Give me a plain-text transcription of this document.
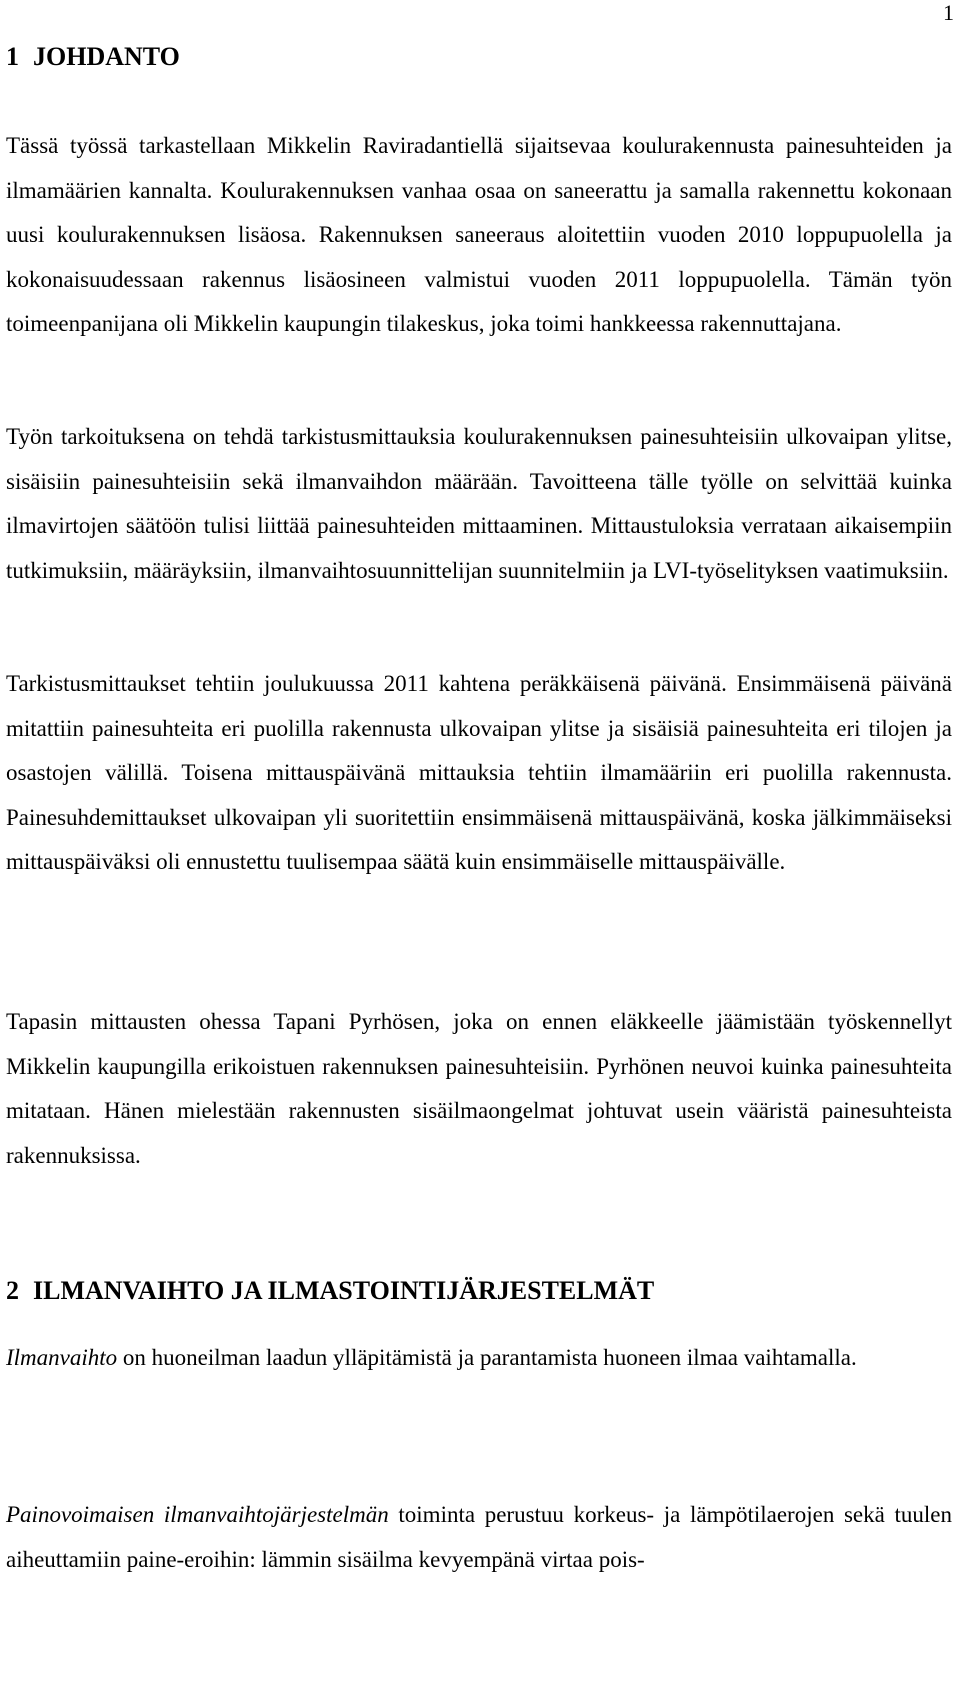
1
1 JOHDANTO

Tässä työssä tarkastellaan Mikkelin Raviradantiellä sijaitsevaa koulurakennusta painesuhteiden ja ilmamäärien kannalta. Koulurakennuksen vanhaa osaa on saneerattu ja samalla rakennettu kokonaan uusi koulurakennuksen lisäosa. Rakennuksen saneeraus aloitettiin vuoden 2010 loppupuolella ja kokonaisuudessaan rakennus lisäosineen valmistui vuoden 2011 loppupuolella. Tämän työn toimeenpanijana oli Mikkelin kaupungin tilakeskus, joka toimi hankkeessa rakennuttajana.

Työn tarkoituksena on tehdä tarkistusmittauksia koulurakennuksen painesuhteisiin ulkovaipan ylitse, sisäisiin painesuhteisiin sekä ilmanvaihdon määrään. Tavoitteena tälle työlle on selvittää kuinka ilmavirtojen säätöön tulisi liittää painesuhteiden mittaaminen. Mittaustuloksia verrataan aikaisempiin tutkimuksiin, määräyksiin, ilmanvaihtosuunnittelijan suunnitelmiin ja LVI-työselityksen vaatimuksiin.

Tarkistusmittaukset tehtiin joulukuussa 2011 kahtena peräkkäisenä päivänä. Ensimmäisenä päivänä mitattiin painesuhteita eri puolilla rakennusta ulkovaipan ylitse ja sisäisiä painesuhteita eri tilojen ja osastojen välillä. Toisena mittauspäivänä mittauksia tehtiin ilmamääriin eri puolilla rakennusta. Painesuhdemittaukset ulkovaipan yli suoritettiin ensimmäisenä mittauspäivänä, koska jälkimmäiseksi mittauspäiväksi oli ennustettu tuulisempaa säätä kuin ensimmäiselle mittauspäivälle.

Tapasin mittausten ohessa Tapani Pyrhösen, joka on ennen eläkkeelle jäämistään työskennellyt Mikkelin kaupungilla erikoistuen rakennuksen painesuhteisiin. Pyrhönen neuvoi kuinka painesuhteita mitataan. Hänen mielestään rakennusten sisäilmaongelmat johtuvat usein vääristä painesuhteista rakennuksissa.

2 ILMANVAIHTO JA ILMASTOINTIJÄRJESTELMÄT

Ilmanvaihto on huoneilman laadun ylläpitämistä ja parantamista huoneen ilmaa vaihtamalla.

Painovoimaisen ilmanvaihtojärjestelmän toiminta perustuu korkeus- ja lämpötilaerojen sekä tuulen aiheuttamiin paine-eroihin: lämmin sisäilma kevyempänä virtaa pois-
